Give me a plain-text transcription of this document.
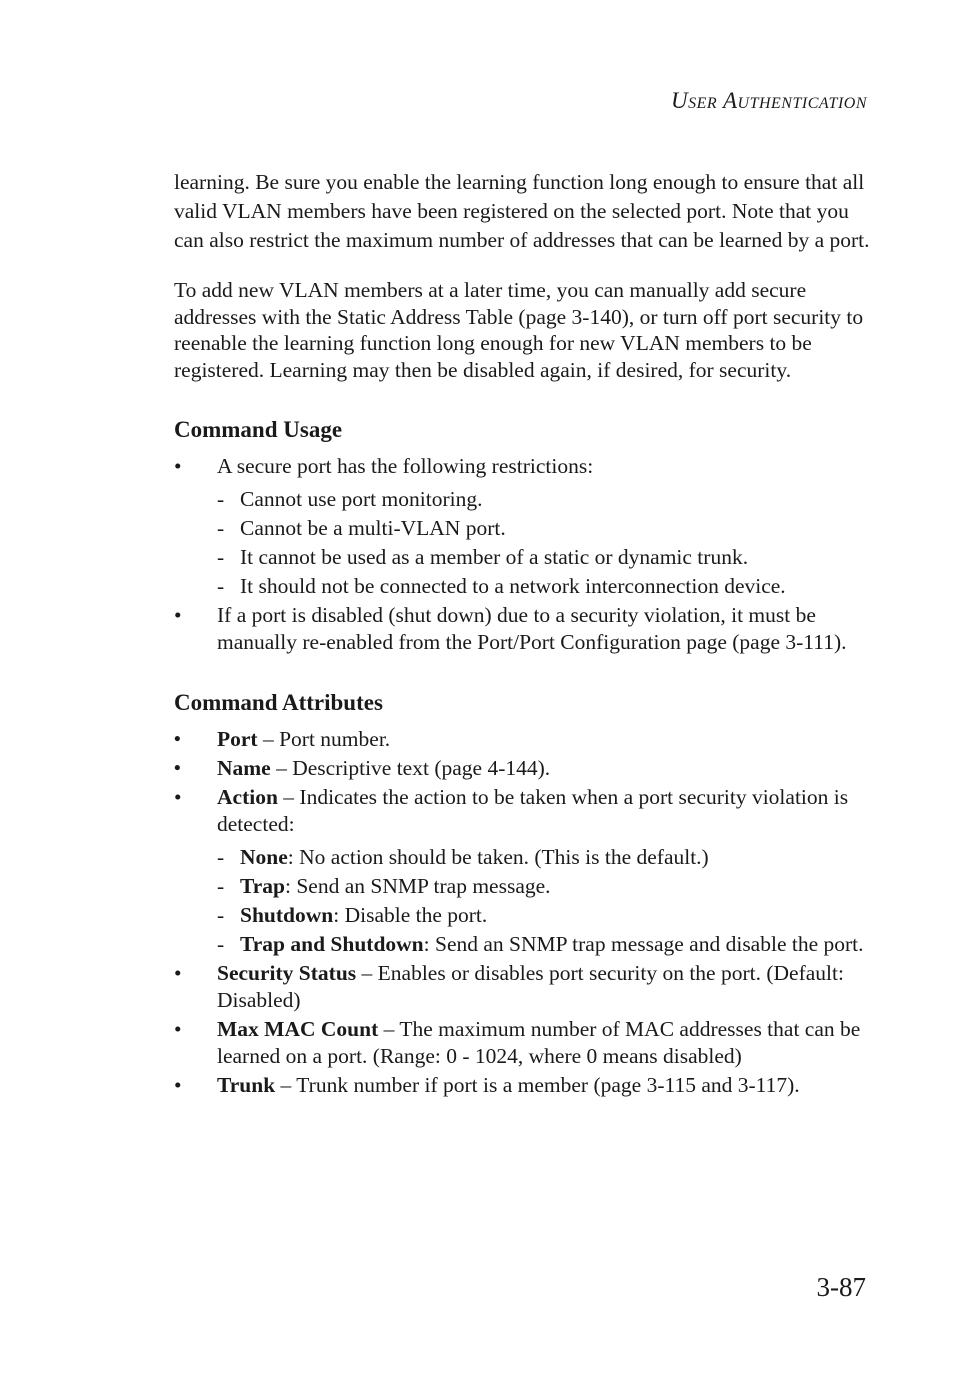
User Authentication

learning. Be sure you enable the learning function long enough to ensure that all valid VLAN members have been registered on the selected port. Note that you can also restrict the maximum number of addresses that can be learned by a port.

To add new VLAN members at a later time, you can manually add secure addresses with the Static Address Table (page 3-140), or turn off port security to reenable the learning function long enough for new VLAN members to be registered. Learning may then be disabled again, if desired, for security.

Command Usage
• A secure port has the following restrictions:
- Cannot use port monitoring.
- Cannot be a multi-VLAN port.
- It cannot be used as a member of a static or dynamic trunk.
- It should not be connected to a network interconnection device.
• If a port is disabled (shut down) due to a security violation, it must be manually re-enabled from the Port/Port Configuration page (page 3-111).
Command Attributes
• Port – Port number.
• Name – Descriptive text (page 4-144).
• Action – Indicates the action to be taken when a port security violation is detected:
- None: No action should be taken. (This is the default.)
- Trap: Send an SNMP trap message.
- Shutdown: Disable the port.
- Trap and Shutdown: Send an SNMP trap message and disable the port.
• Security Status – Enables or disables port security on the port. (Default: Disabled)
• Max MAC Count – The maximum number of MAC addresses that can be learned on a port. (Range: 0 - 1024, where 0 means disabled)
• Trunk – Trunk number if port is a member (page 3-115 and 3-117).
3-87
